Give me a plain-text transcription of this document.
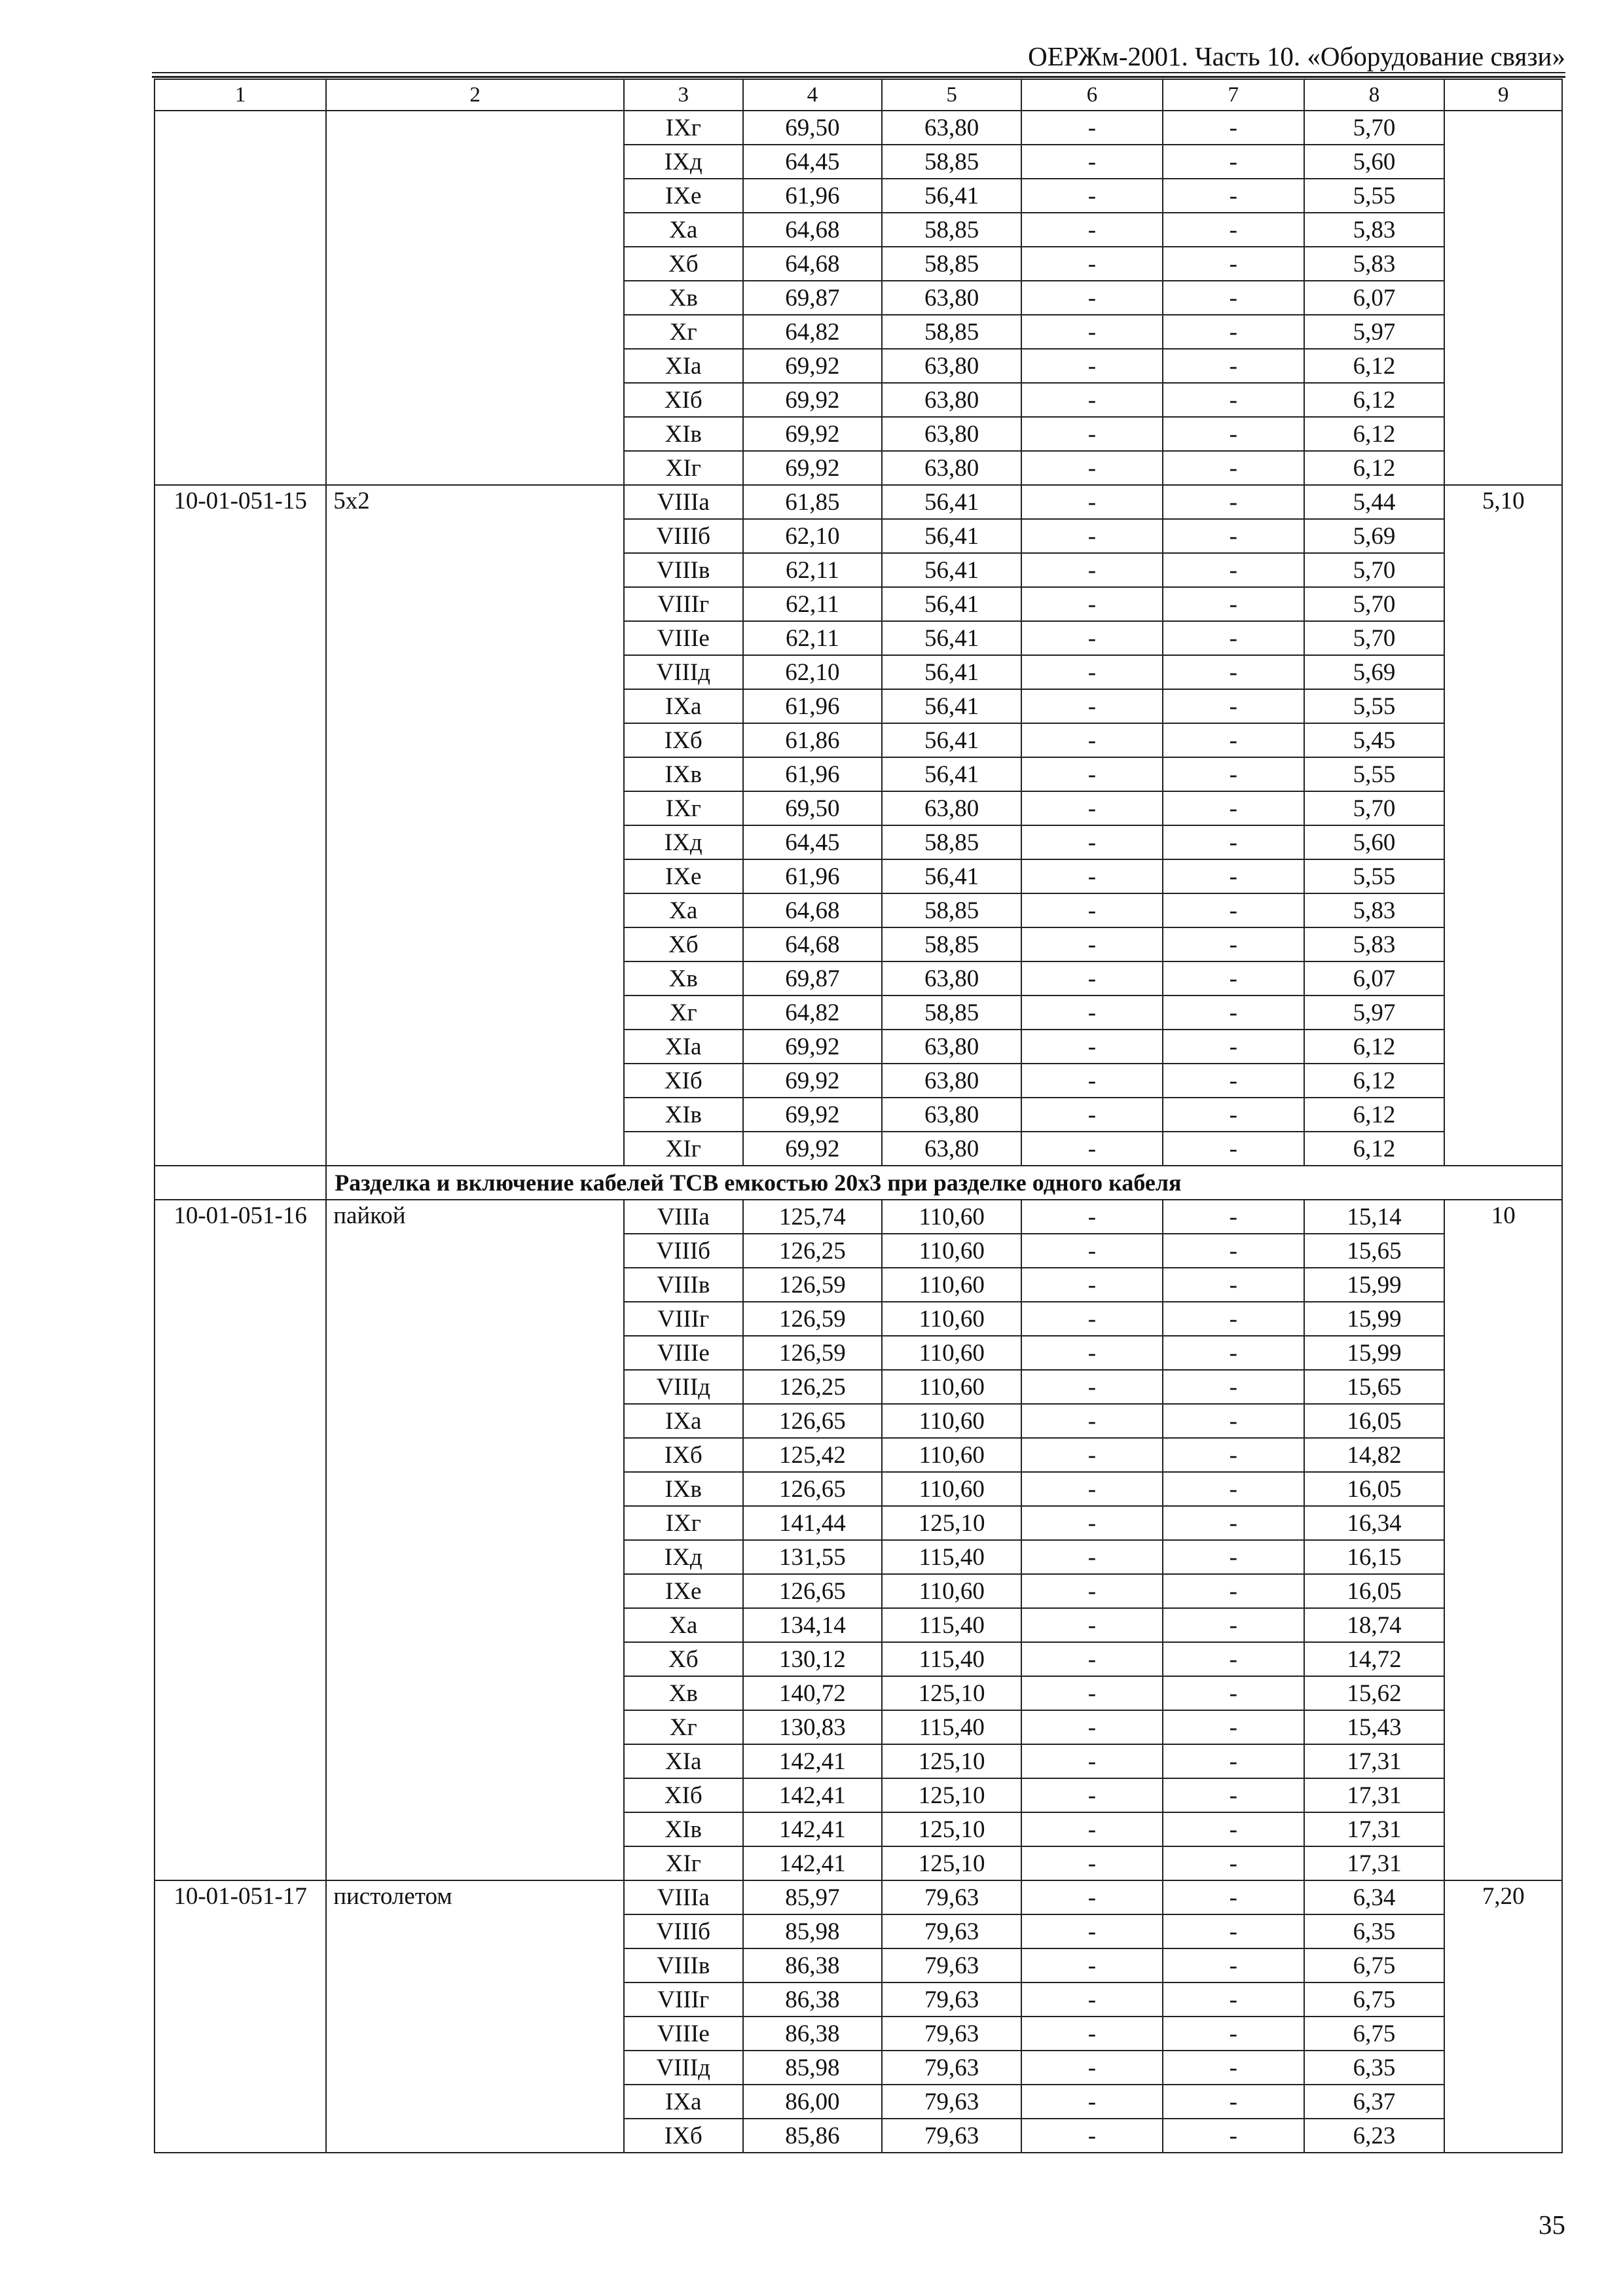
ОЕРЖм-2001. Часть 10. «Оборудование связи»
1	2	3	4	5	6	7	8	9
		IXг	69,50	63,80	-	-	5,70	
		IXд	64,45	58,85	-	-	5,60	
		IXе	61,96	56,41	-	-	5,55	
		Xа	64,68	58,85	-	-	5,83	
		Xб	64,68	58,85	-	-	5,83	
		Xв	69,87	63,80	-	-	6,07	
		Xг	64,82	58,85	-	-	5,97	
		XIа	69,92	63,80	-	-	6,12	
		XIб	69,92	63,80	-	-	6,12	
		XIв	69,92	63,80	-	-	6,12	
		XIг	69,92	63,80	-	-	6,12	
10-01-051-15	5х2	VIIIа	61,85	56,41	-	-	5,44	5,10
		VIIIб	62,10	56,41	-	-	5,69	
		VIIIв	62,11	56,41	-	-	5,70	
		VIIIг	62,11	56,41	-	-	5,70	
		VIIIе	62,11	56,41	-	-	5,70	
		VIIIд	62,10	56,41	-	-	5,69	
		IXа	61,96	56,41	-	-	5,55	
		IXб	61,86	56,41	-	-	5,45	
		IXв	61,96	56,41	-	-	5,55	
		IXг	69,50	63,80	-	-	5,70	
		IXд	64,45	58,85	-	-	5,60	
		IXе	61,96	56,41	-	-	5,55	
		Xа	64,68	58,85	-	-	5,83	
		Xб	64,68	58,85	-	-	5,83	
		Xв	69,87	63,80	-	-	6,07	
		Xг	64,82	58,85	-	-	5,97	
		XIа	69,92	63,80	-	-	6,12	
		XIб	69,92	63,80	-	-	6,12	
		XIв	69,92	63,80	-	-	6,12	
		XIг	69,92	63,80	-	-	6,12	
	Разделка и включение кабелей ТСВ емкостью 20х3 при разделке одного кабеля							
10-01-051-16	пайкой	VIIIа	125,74	110,60	-	-	15,14	10
		VIIIб	126,25	110,60	-	-	15,65	
		VIIIв	126,59	110,60	-	-	15,99	
		VIIIг	126,59	110,60	-	-	15,99	
		VIIIе	126,59	110,60	-	-	15,99	
		VIIIд	126,25	110,60	-	-	15,65	
		IXа	126,65	110,60	-	-	16,05	
		IXб	125,42	110,60	-	-	14,82	
		IXв	126,65	110,60	-	-	16,05	
		IXг	141,44	125,10	-	-	16,34	
		IXд	131,55	115,40	-	-	16,15	
		IXе	126,65	110,60	-	-	16,05	
		Xа	134,14	115,40	-	-	18,74	
		Xб	130,12	115,40	-	-	14,72	
		Xв	140,72	125,10	-	-	15,62	
		Xг	130,83	115,40	-	-	15,43	
		XIа	142,41	125,10	-	-	17,31	
		XIб	142,41	125,10	-	-	17,31	
		XIв	142,41	125,10	-	-	17,31	
		XIг	142,41	125,10	-	-	17,31	
10-01-051-17	пистолетом	VIIIа	85,97	79,63	-	-	6,34	7,20
		VIIIб	85,98	79,63	-	-	6,35	
		VIIIв	86,38	79,63	-	-	6,75	
		VIIIг	86,38	79,63	-	-	6,75	
		VIIIе	86,38	79,63	-	-	6,75	
		VIIIд	85,98	79,63	-	-	6,35	
		IXа	86,00	79,63	-	-	6,37	
		IXб	85,86	79,63	-	-	6,23	
35
